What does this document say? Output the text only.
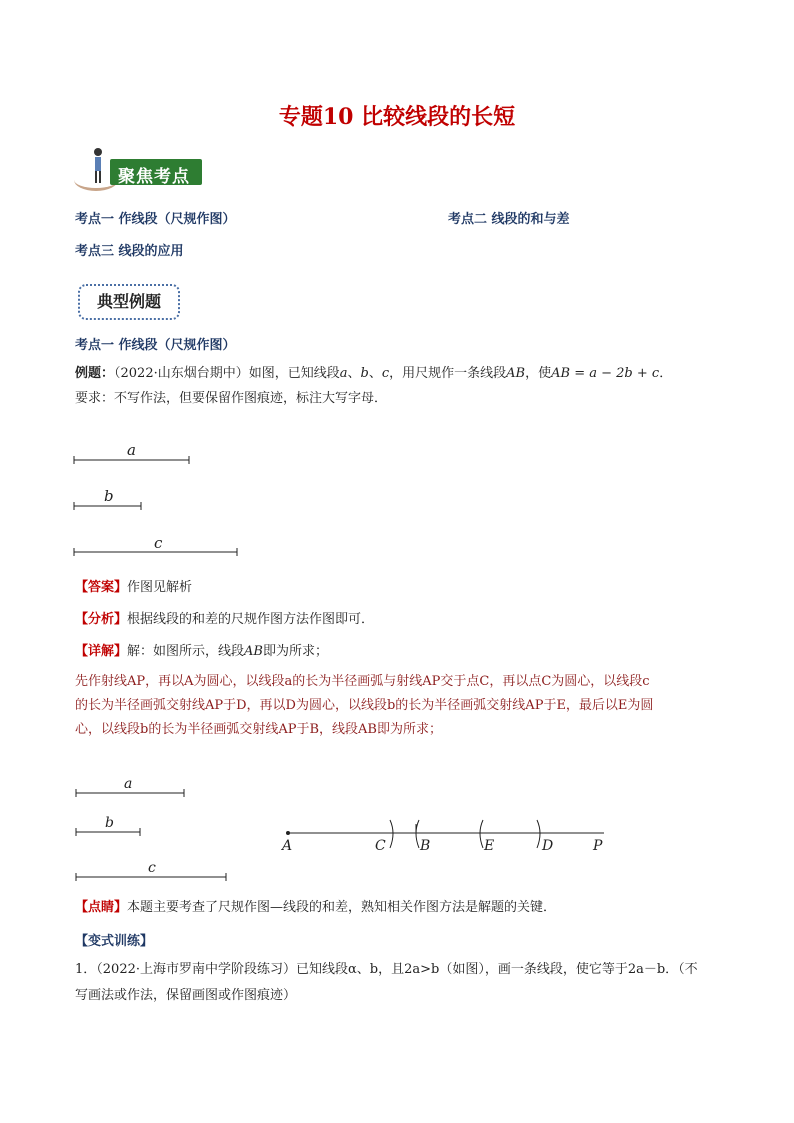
专题10 比较线段的长短
聚焦考点
考点一 作线段（尺规作图）	考点二 线段的和与差
考点三 线段的应用
典型例题
考点一 作线段（尺规作图）
例题：（2022·山东烟台期中）如图，已知线段a、b、c，用尺规作一条线段AB，使AB = a − 2b + c．
要求：不写作法，但要保留作图痕迹，标注大写字母．
a
b
c
【答案】作图见解析
【分析】根据线段的和差的尺规作图方法作图即可．
【详解】解：如图所示，线段AB即为所求；
先作射线AP，再以A为圆心，以线段a的长为半径画弧与射线AP交于点C，再以点C为圆心，以线段c
的长为半径画弧交射线AP于D，再以D为圆心，以线段b的长为半径画弧交射线AP于E，最后以E为圆
心，以线段b的长为半径画弧交射线AP于B，线段AB即为所求；
a
b
c
A	C B	E	D	P
【点睛】本题主要考查了尺规作图—线段的和差，熟知相关作图方法是解题的关键．
【变式训练】
1．（2022·上海市罗南中学阶段练习）已知线段α、b，且2a>b（如图），画一条线段，使它等于2a－b．（不
写画法或作法，保留画图或作图痕迹）
